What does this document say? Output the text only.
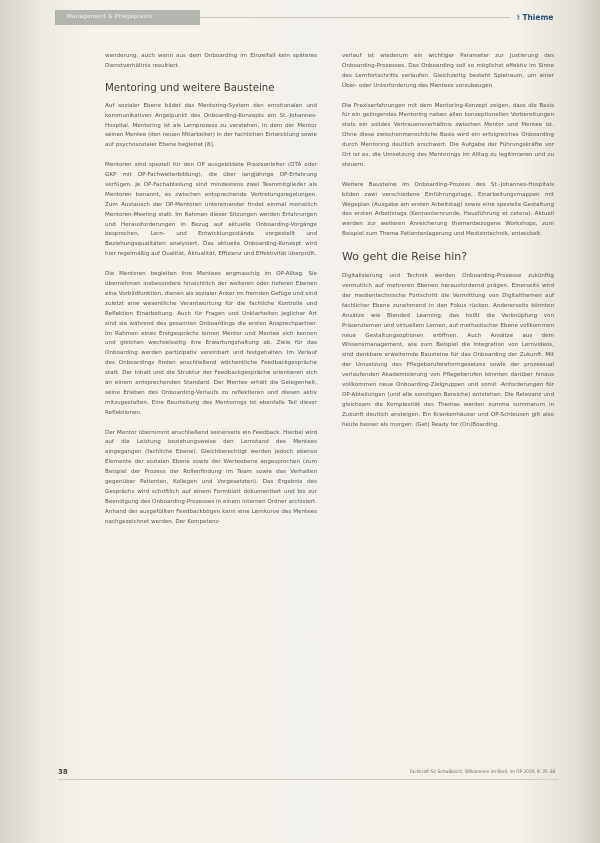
Management & Pflegepraxis	⚕ Thieme

wenderung, auch wenn aus dem Onboarding im Einzelfall kein späteres Dienstverhältnis resultiert.

Mentoring und weitere Bausteine

Auf sozialer Ebene bildet das Mentoring-System den emotionalen und kommunikativen Angelpunkt des Onboarding-Konzepts am St.-Johannes-Hospital. Mentoring ist als Lernprozess zu verstehen, in dem der Mentor seinen Mentee (den neuen Mitarbeiter) in der fachlichen Entwicklung sowie auf psychosozialer Ebene begleitet [8].

Mentoren sind speziell für den OP ausgebildete Praxisanleiter (OTA oder GKP mit OP-Fachweiterbildung), die über langjährige OP-Erfahrung verfügen. Je OP-Fachabteilung sind mindestens zwei Teammitglieder als Mentoren benannt, es zwischen entsprechende Vertretungsregelungen. Zum Austausch der OP-Mentoren untereinander findet einmal monatlich Mentoren-Meeting statt. Im Rahmen dieser Sitzungen werden Erfahrungen und Herausforderungen in Bezug auf aktuelle Onboarding-Vorgänge besprochen, Lern- und Entwicklungsstände vorgestellt und Beziehungsqualitäten analysiert. Das aktuelle Onboarding-Konzept wird hier regelmäßig auf Qualität, Aktualität, Effizienz und Effektivität überprüft.

Die Mentoren begleiten ihre Mentees engmaschig im OP-Alltag. Sie übernehmen insbesondere hinsichtlich der weiteren oder tieferen Ebenen eine Vorbildfunktion, dienen als sozialer Anker im fremden Gefüge und sind zuletzt eine wesentliche Verantwortung für die fachliche Kontrolle und Reflektion Einarbeitung. Auch für Fragen und Unklarheiten jeglicher Art sind sie während des gesamten Onboardings die ersten Ansprechpartner. Im Rahmen eines Erstgesprächs lernen Mentor und Mentee sich kennen und gleichen wechselseitig ihre Erwartungshaltung ab. Ziele für das Onboarding werden partizipativ vereinbart und festgehalten. Im Verlauf des Onboardings finden anschließend wöchentliche Feedbackgespräche statt. Der Inhalt und die Struktur der Feedbackgespräche orientieren sich an einem entsprechenden Standard. Der Mentee erhält die Gelegenheit, seine Erleben des Onboarding-Verlaufs zu reflektieren und diesen aktiv mitzugestalten. Eine Beurteilung des Mentorings ist ebenfalls Teil dieser Reflektionen.

Der Mentor übernimmt anschließend seinerseits ein Feedback. Hierbei wird auf die Leistung beziehungsweise den Lernstand des Mentees eingegangen (fachliche Ebene). Gleichberechtigt werden jedoch ebenso Elemente der sozialen Ebene sowie der Werteebene angesprochen (zum Beispiel der Prozess der Rollenfindung im Team sowie das Verhalten gegenüber Patienten, Kollegen und Vorgesetzten). Das Ergebnis des Gesprächs wird schriftlich auf einem Formblatt dokumentiert und bis zur Beendigung des Onboarding-Prozesses in einem internen Ordner archiviert. Anhand der ausgefüllten Feedbackbögen kann eine Lernkurve des Mentees nachgezeichnet werden. Der Kompetenz-

verlauf ist wiederum ein wichtiger Parameter zur Justierung des Onboarding-Prozesses. Das Onboarding soll so möglichst effektiv im Sinne des Lernfortschritts verlaufen. Gleichzeitig besteht Spielraum, um einer Über- oder Unterforderung des Mentees vorzubeugen.

Die Praxiserfahrungen mit dem Mentoring-Konzept zeigen, dass die Basis für ein gelingendes Mentoring neben allen konzeptionellen Vorbereitungen stets ein solides Vertrauensverhältnis zwischen Mentor und Mentee ist. Ohne diese zwischenmenschliche Basis wird ein erfolgreiches Onboarding durch Mentoring deutlich erschwert. Die Aufgabe der Führungskräfte vor Ort ist es, die Umsetzung des Mentorings im Alltag zu legitimieren und zu steuern.

Weitere Bausteine im Onboarding-Prozess des St.-Johannes-Hospitals bilden zwei verschiedene Einführungstage, Einarbeitungsmappen mit Wegeplan (Ausgabe am ersten Arbeitstag) sowie eine spezielle Gestaltung des ersten Arbeitstags (Kennenlernrunde, Hausführung et cetera). Aktuell werden zur weiteren Anreicherung themenbezogene Workshops, zum Beispiel zum Thema Patientenlagerung und Medizintechnik, entwickelt.

Wo geht die Reise hin?

Digitalisierung und Technik werden Onboarding-Prozesse zukünftig vermutlich auf mehreren Ebenen herausfordernd prägen. Einerseits wird der medientechnische Fortschritt die Vermittlung von Digitalthemen auf fachlicher Ebene zunehmend in den Fokus rücken. Andererseits könnten Ansätze wie Blended Learning, das heißt die Verknüpfung von Präsenzlernen und virtuellem Lernen, auf methodischer Ebene vollkommen neue Gestaltungsoptionen eröffnen. Auch Ansätze aus dem Wissensmanagement, wie zum Beispiel die Integration von Lernvideos, sind denkbare erweiternde Bausteine für das Onboarding der Zukunft. Mit der Umsetzung des Pflegeberufereformgesetzes sowie der prozessual verlaufenden Akademisierung von Pflegeberufen könnten darüber hinaus vollkommen neue Onboarding-Zielgruppen und somit -Anforderungen für OP-Abteilungen (und alle sonstigen Bereiche) entstehen. Die Relevanz und gleichsam die Komplexität des Themas werden summa summarum in Zukunft deutlich ansteigen. Ein Krankenhäuser und OP-Schleusen gilt also heute besser als morgen: (Get) Ready for (On)Boarding.

38	Fachkraft für Schwäbisch, Wilkommen im Bord, im OP 2019; 9: 35–38
